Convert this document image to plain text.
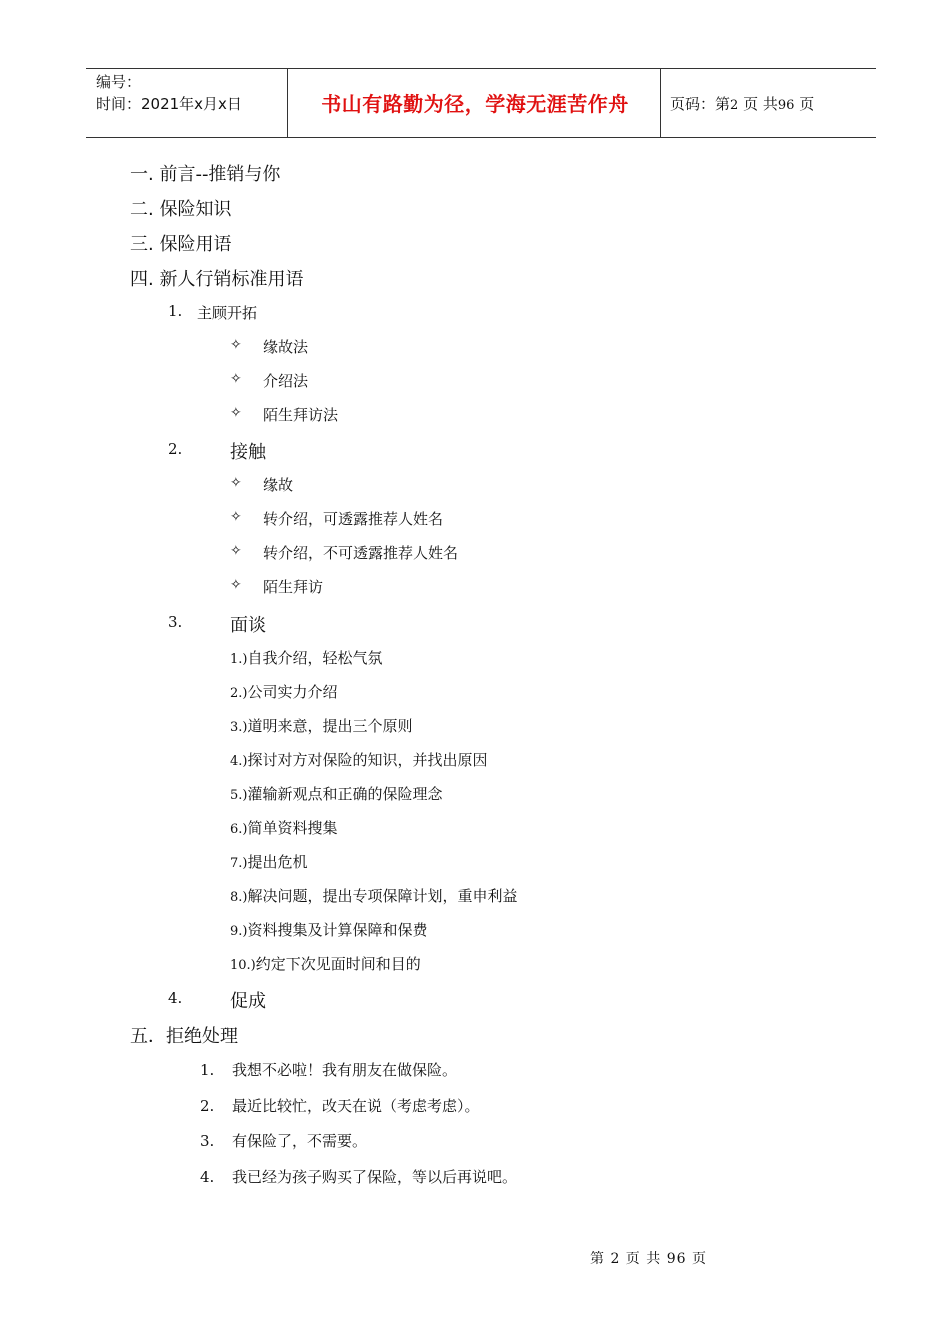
编号：
时间：2021年x月x日	书山有路勤为径，学海无涯苦作舟	页码：第2 页 共96 页
一. 前言--推销与你
二. 保险知识
三. 保险用语
四. 新人行销标准用语
1. 主顾开拓
✧ 缘故法
✧ 介绍法
✧ 陌生拜访法
2.	接触
✧ 缘故
✧ 转介绍，可透露推荐人姓名
✧ 转介绍，不可透露推荐人姓名
✧ 陌生拜访
3.	面谈
1.)自我介绍，轻松气氛
2.)公司实力介绍
3.)道明来意，提出三个原则
4.)探讨对方对保险的知识，并找出原因
5.)灌输新观点和正确的保险理念
6.)简单资料搜集
7.)提出危机
8.)解决问题，提出专项保障计划，重申利益
9.)资料搜集及计算保障和保费
10.)约定下次见面时间和目的
4.	促成
五．拒绝处理
1. 我想不必啦！我有朋友在做保险。
2. 最近比较忙，改天在说（考虑考虑）。
3. 有保险了，不需要。
4. 我已经为孩子购买了保险，等以后再说吧。
第 2 页 共 96 页
